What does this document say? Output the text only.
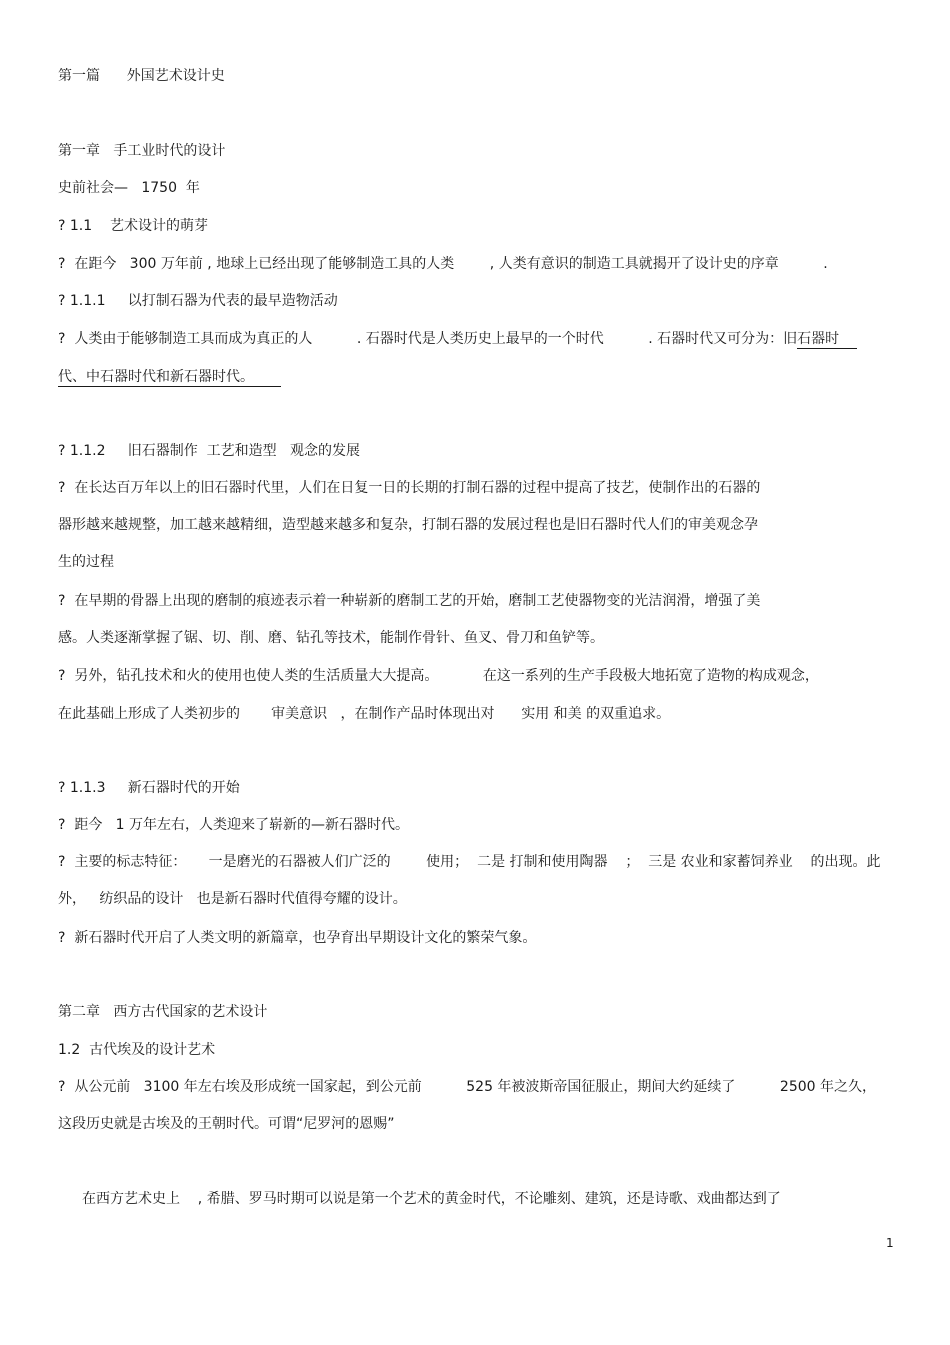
第一篇      外国艺术设计史
第一章   手工业时代的设计
史前社会—   1750  年
? 1.1    艺术设计的萌芽
?  在距今   300 万年前 , 地球上已经出现了能够制造工具的人类        , 人类有意识的制造工具就揭开了设计史的序章          .
? 1.1.1     以打制石器为代表的最早造物活动
?  人类由于能够制造工具而成为真正的人          . 石器时代是人类历史上最早的一个时代          . 石器时代又可分为：旧石器时
代、中石器时代和新石器时代。
? 1.1.2     旧石器制作  工艺和造型   观念的发展
?  在长达百万年以上的旧石器时代里，人们在日复一日的长期的打制石器的过程中提高了技艺，使制作出的石器的
器形越来越规整，加工越来越精细，造型越来越多和复杂，打制石器的发展过程也是旧石器时代人们的审美观念孕
生的过程
?  在早期的骨器上出现的磨制的痕迹表示着一种崭新的磨制工艺的开始，磨制工艺使器物变的光洁润滑，增强了美
感。人类逐渐掌握了锯、切、削、磨、钻孔等技术，能制作骨针、鱼叉、骨刀和鱼铲等。
?  另外，钻孔技术和火的使用也使人类的生活质量大大提高。          在这一系列的生产手段极大地拓宽了造物的构成观念，
在此基础上形成了人类初步的       审美意识   ，在制作产品时体现出对      实用 和美 的双重追求。
? 1.1.3     新石器时代的开始
?  距今   1 万年左右，人类迎来了崭新的—新石器时代。
?  主要的标志特征：     一是磨光的石器被人们广泛的        使用；  二是 打制和使用陶器    ；  三是 农业和家蓄饲养业    的出现。此
外，   纺织品的设计   也是新石器时代值得夸耀的设计。
?  新石器时代开启了人类文明的新篇章，也孕育出早期设计文化的繁荣气象。
第二章   西方古代国家的艺术设计
1.2  古代埃及的设计艺术
?  从公元前   3100 年左右埃及形成统一国家起，到公元前          525 年被波斯帝国征服止，期间大约延续了          2500 年之久，
这段历史就是古埃及的王朝时代。可谓“尼罗河的恩赐”
在西方艺术史上    , 希腊、罗马时期可以说是第一个艺术的黄金时代，不论雕刻、建筑，还是诗歌、戏曲都达到了
1
